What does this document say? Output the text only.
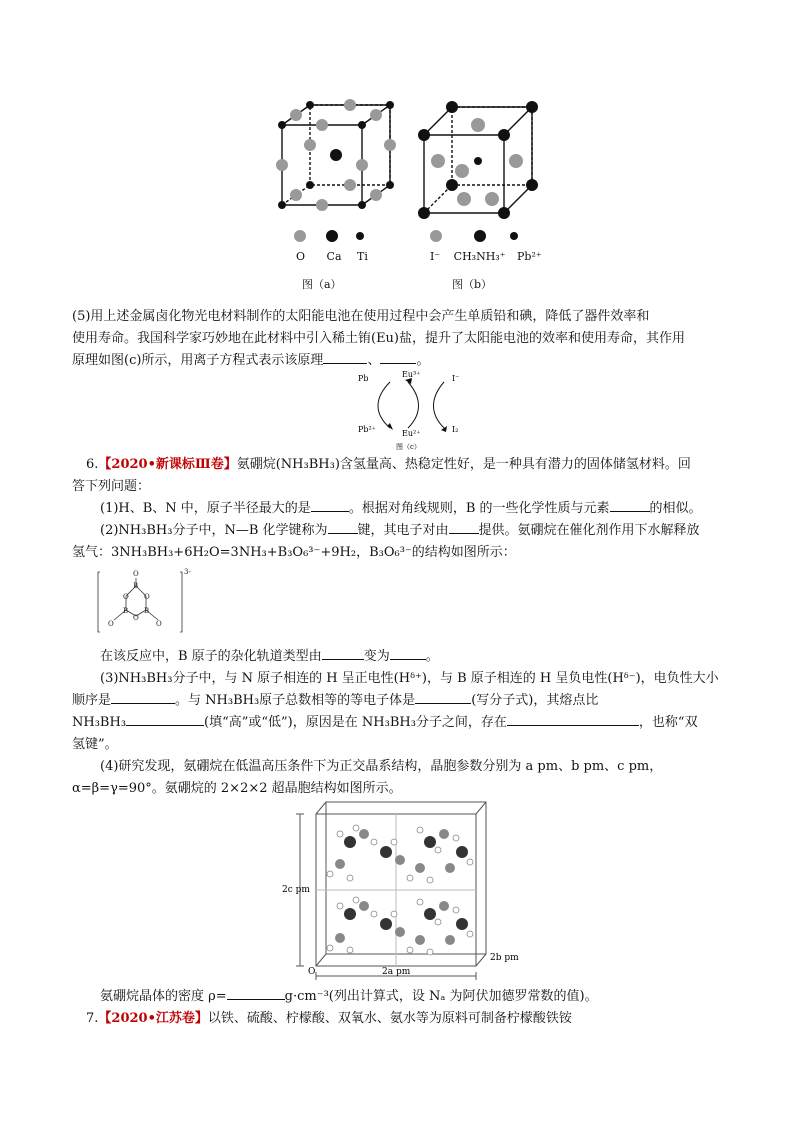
O Ca Ti
图（a）
I⁻ CH₃NH₃⁺ Pb²⁺
图（b）
(5)用上述金属卤化物光电材料制作的太阳能电池在使用过程中会产生单质铅和碘，降低了器件效率和
使用寿命。我国科学家巧妙地在此材料中引入稀土铕(Eu)盐，提升了太阳能电池的效率和使用寿命，其作用
原理如图(c)所示，用离子方程式表示该原理	、	。
Pb
Pb²⁺
Eu³⁺
Eu²⁺
I⁻
I₂
图（c）
6.【2020•新课标Ⅲ卷】氨硼烷(NH₃BH₃)含氢量高、热稳定性好，是一种具有潜力的固体储氢材料。回
答下列问题：
(1)H、B、N 中，原子半径最大的是	。根据对角线规则，B 的一些化学性质与元素	的相似。
(2)NH₃BH₃分子中，N—B 化学键称为 键，其电子对由 提供。氨硼烷在催化剂作用下水解释放
氢气：3NH₃BH₃+6H₂O=3NH₃+B₃O₆³⁻+9H₂，B₃O₆³⁻的结构如图所示：
O
B
O O
B B
O
O	O
3-
在该反应中，B 原子的杂化轨道类型由	变为	。
(3)NH₃BH₃分子中，与 N 原子相连的 H 呈正电性(Hᵟ⁺)，与 B 原子相连的 H 呈负电性(Hᵟ⁻)，电负性大小
顺序是	。与 NH₃BH₃原子总数相等的等电子体是	(写分子式)，其熔点比
NH₃BH₃	(填“高”或“低”)，原因是在 NH₃BH₃分子之间，存在	，也称“双
氢键”。
(4)研究发现，氨硼烷在低温高压条件下为正交晶系结构，晶胞参数分别为 a pm、b pm、c pm，
α=β=γ=90°。氨硼烷的 2×2×2 超晶胞结构如图所示。
2c pm
2a pm
2b pm
O
氨硼烷晶体的密度 ρ=	g·cm⁻³(列出计算式，设 Nₐ 为阿伏加德罗常数的值)。
7.【2020•江苏卷】以铁、硫酸、柠檬酸、双氧水、氨水等为原料可制备柠檬酸铁铵
